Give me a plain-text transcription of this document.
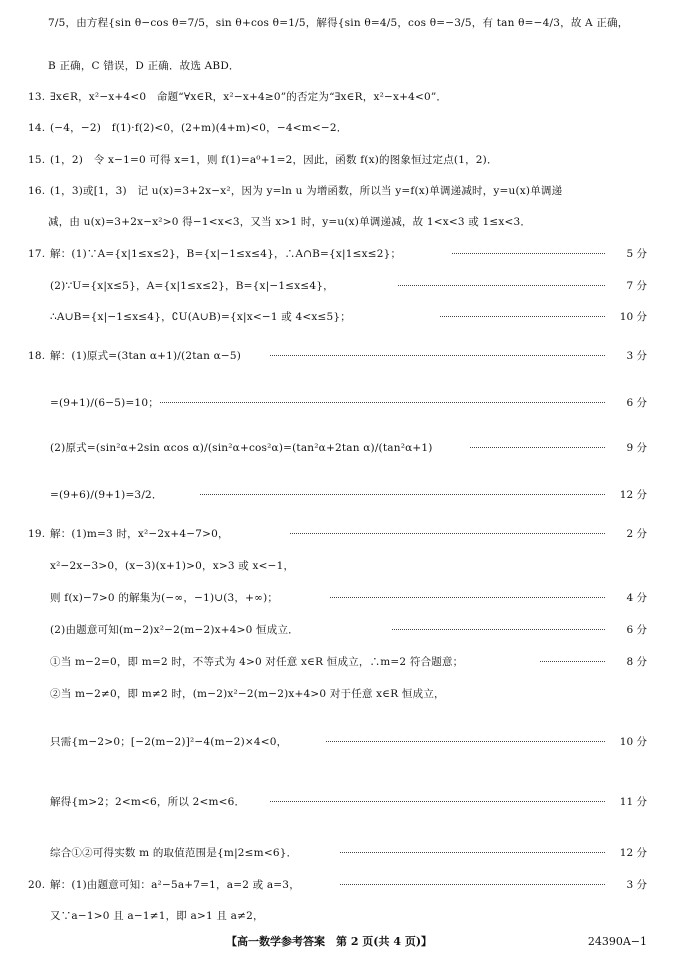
7/5，由方程{sin θ−cos θ=7/5，sin θ+cos θ=1/5，解得{sin θ=4/5，cos θ=−3/5，有 tan θ=−4/3，故 A 正确，
B 正确，C 错误，D 正确．故选 ABD．
13. ∃x∈R，x²−x+4<0　命题“∀x∈R，x²−x+4≥0”的否定为“∃x∈R，x²−x+4<0”．
14. (−4，−2)　f(1)·f(2)<0，(2+m)(4+m)<0，−4<m<−2．
15. (1，2)　令 x−1=0 可得 x=1，则 f(1)=a⁰+1=2，因此，函数 f(x)的图象恒过定点(1，2)．
16. (1，3)或[1，3)　记 u(x)=3+2x−x²，因为 y=ln u 为增函数，所以当 y=f(x)单调递减时，y=u(x)单调递
减，由 u(x)=3+2x−x²>0 得−1<x<3，又当 x>1 时，y=u(x)单调递减，故 1<x<3 或 1≤x<3．
17. 解：(1)∵A={x|1≤x≤2}，B={x|−1≤x≤4}，∴A∩B={x|1≤x≤2}；	5 分
(2)∵U={x|x≤5}，A={x|1≤x≤2}，B={x|−1≤x≤4}，	7 分
∴A∪B={x|−1≤x≤4}，∁U(A∪B)={x|x<−1 或 4<x≤5}；	10 分
18. 解：(1)原式=(3tan α+1)/(2tan α−5)	3 分
=(9+1)/(6−5)=10；	6 分
(2)原式=(sin²α+2sin αcos α)/(sin²α+cos²α)=(tan²α+2tan α)/(tan²α+1)	9 分
=(9+6)/(9+1)=3/2．	12 分
19. 解：(1)m=3 时，x²−2x+4−7>0，	2 分
x²−2x−3>0，(x−3)(x+1)>0，x>3 或 x<−1，
则 f(x)−7>0 的解集为(−∞，−1)∪(3，+∞)；	4 分
(2)由题意可知(m−2)x²−2(m−2)x+4>0 恒成立．	6 分
①当 m−2=0，即 m=2 时，不等式为 4>0 对任意 x∈R 恒成立，∴m=2 符合题意；	8 分
②当 m−2≠0，即 m≠2 时，(m−2)x²−2(m−2)x+4>0 对于任意 x∈R 恒成立，
只需{m−2>0；[−2(m−2)]²−4(m−2)×4<0，	10 分
解得{m>2；2<m<6，所以 2<m<6．	11 分
综合①②可得实数 m 的取值范围是{m|2≤m<6}．	12 分
20. 解：(1)由题意可知：a²−5a+7=1，a=2 或 a=3，	3 分
又∵a−1>0 且 a−1≠1，即 a>1 且 a≠2，
【高一数学参考答案　第 2 页(共 4 页)】	24390A−1
